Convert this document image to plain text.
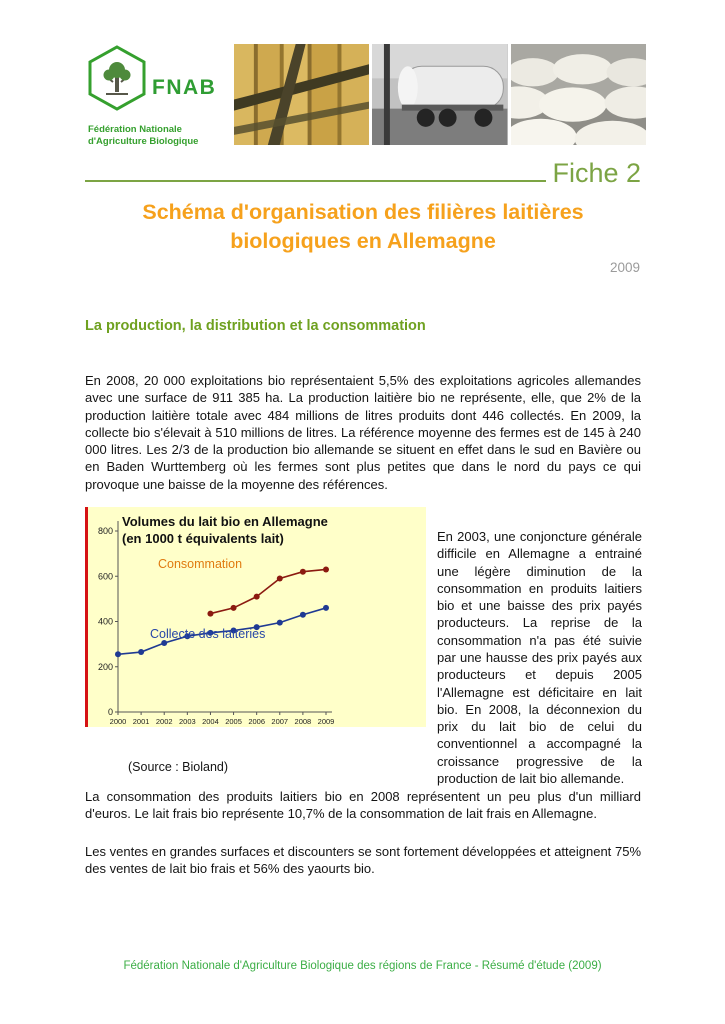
FNAB
Fédération Nationale
d'Agriculture Biologique
Fiche 2
Schéma d'organisation des filières laitières biologiques en Allemagne
2009
La production, la distribution et la consommation

En 2008, 20 000 exploitations bio représentaient 5,5% des exploitations agricoles allemandes avec une surface de 911 385 ha. La production laitière bio ne représente, elle, que 2% de la production laitière totale avec 484 millions de litres produits dont 446 collectés. En 2009, la collecte bio s'élevait à 510 millions de litres. La référence moyenne des fermes est de 145 à 240 000 litres. Les 2/3 de la production bio allemande se situent en effet dans le sud en Bavière ou en Baden Wurttemberg où les fermes sont plus petites que dans le nord du pays ce qui provoque une baisse de la moyenne des références.

0
200
400
600
800
2000 2001 2002 2003 2004 2005 2006 2007 2008 2009
Volumes du lait bio en Allemagne
(en 1000 t équivalents lait)
Consommation
Collecte des laiteries

En 2003, une conjoncture générale difficile en Allemagne a entrainé une légère diminution de la consommation en produits laitiers bio et une baisse des prix payés producteurs. La reprise de la consommation n'a pas été suivie par une hausse des prix payés aux producteurs et depuis 2005 l'Allemagne est déficitaire en lait bio. En 2008, la déconnexion du prix du lait bio de celui du conventionnel a accompagné la croissance progressive de la production de lait bio allemande.

(Source : Bioland)

La consommation des produits laitiers bio en 2008 représentent un peu plus d'un milliard d'euros. Le lait frais bio représente 10,7% de la consommation de lait frais en Allemagne.

Les ventes en grandes surfaces et discounters se sont fortement développées et atteignent 75% des ventes de lait bio frais et 56% des yaourts bio.

Fédération Nationale d'Agriculture Biologique des régions de France - Résumé d'étude (2009)
